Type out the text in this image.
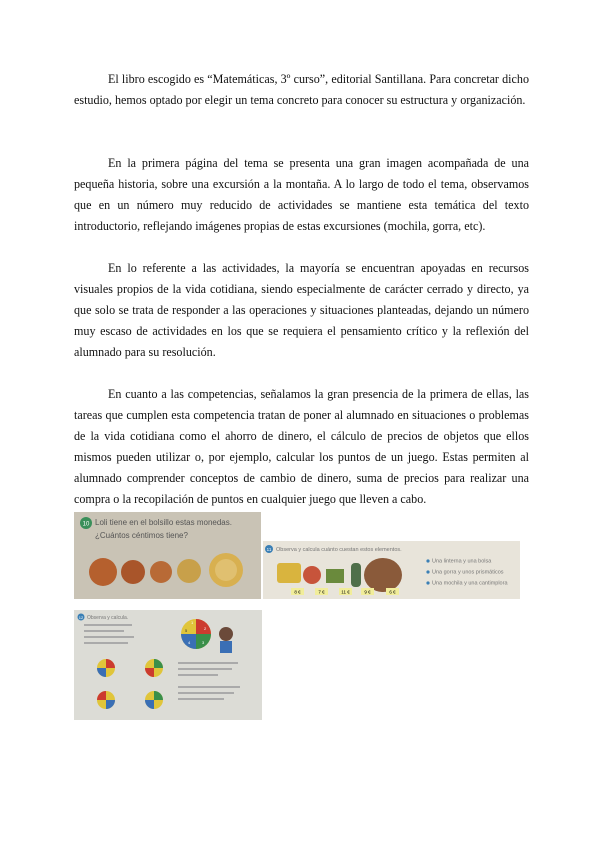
El libro escogido es “Matemáticas, 3º curso”, editorial Santillana. Para concretar dicho estudio, hemos optado por elegir un tema concreto para conocer su estructura y organización.

En la primera página del tema se presenta una gran imagen acompañada de una pequeña historia, sobre una excursión a la montaña. A lo largo de todo el tema, observamos que en un número muy reducido de actividades se mantiene esta temática del texto introductorio, reflejando imágenes propias de estas excursiones (mochila, gorra, etc).

En lo referente a las actividades, la mayoría se encuentran apoyadas en recursos visuales propios de la vida cotidiana, siendo especialmente de carácter cerrado y directo, ya que solo se trata de responder a las operaciones y situaciones planteadas, dejando un número muy escaso de actividades en los que se requiera el pensamiento crítico y la reflexión del alumnado para su resolución.

En cuanto a las competencias, señalamos la gran presencia de la primera de ellas, las tareas que cumplen esta competencia tratan de poner al alumnado en situaciones o problemas de la vida cotidiana como el ahorro de dinero, el cálculo de precios de objetos que ellos mismos pueden utilizar o, por ejemplo, calcular los puntos de un juego. Estas permiten al alumnado comprender conceptos de cambio de dinero, suma de precios para realizar una compra o la recopilación de puntos en cualquier juego que lleven a cabo.

10 Loli tiene en el bolsillo estas monedas.
¿Cuántos céntimos tiene?
11 Observa y calcula cuánto cuestan estos elementos.
8 €	7 €	11 €	9 €	6 €
Una linterna y una bolsa
Una gorra y unos prismáticos
Una mochila y una cantimplora
12 Observa y calcula.
1
2
3
4
5
